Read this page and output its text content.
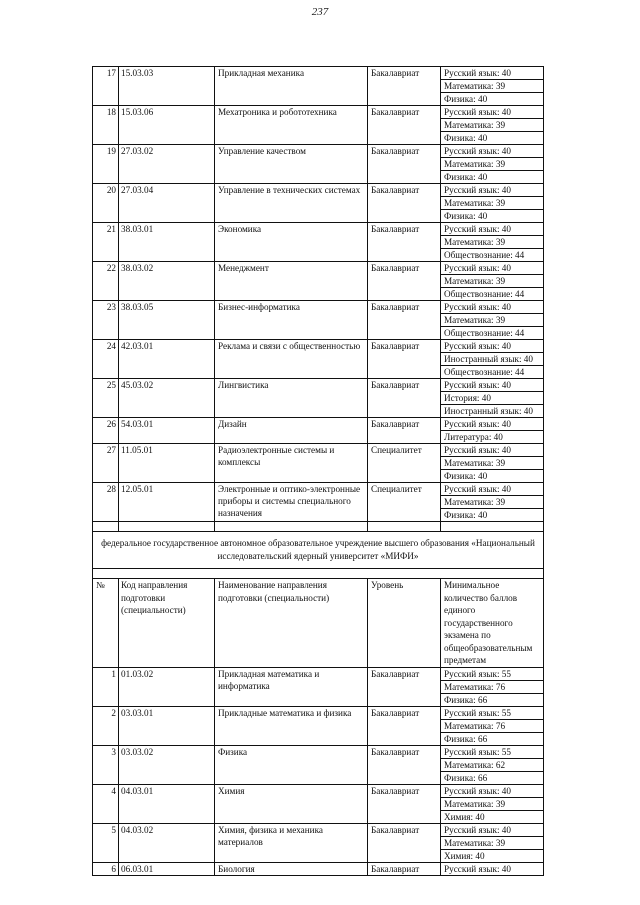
237
17	15.03.03	Прикладная механика	Бакалавриат	Русский язык: 40
				Математика: 39
				Физика: 40
18	15.03.06	Мехатроника и робототехника	Бакалавриат	Русский язык: 40
				Математика: 39
				Физика: 40
19	27.03.02	Управление качеством	Бакалавриат	Русский язык: 40
				Математика: 39
				Физика: 40
20	27.03.04	Управление в технических системах	Бакалавриат	Русский язык: 40
				Математика: 39
				Физика: 40
21	38.03.01	Экономика	Бакалавриат	Русский язык: 40
				Математика: 39
				Обществознание: 44
22	38.03.02	Менеджмент	Бакалавриат	Русский язык: 40
				Математика: 39
				Обществознание: 44
23	38.03.05	Бизнес-информатика	Бакалавриат	Русский язык: 40
				Математика: 39
				Обществознание: 44
24	42.03.01	Реклама и связи с общественностью	Бакалавриат	Русский язык: 40
				Иностранный язык: 40
				Обществознание: 44
25	45.03.02	Лингвистика	Бакалавриат	Русский язык: 40
				История: 40
				Иностранный язык: 40
26	54.03.01	Дизайн	Бакалавриат	Русский язык: 40
				Литература: 40
27	11.05.01	Радиоэлектронные системы и комплексы	Специалитет	Русский язык: 40
				Математика: 39
				Физика: 40
28	12.05.01	Электронные и оптико-электронные приборы и системы специального назначения	Специалитет	Русский язык: 40
				Математика: 39
				Физика: 40

федеральное государственное автономное образовательное учреждение высшего образования «Национальный исследовательский ядерный университет «МИФИ»				

№	Код направления подготовки (специальности)	Наименование направления подготовки (специальности)	Уровень	Минимальное количество баллов единого государственного экзамена по общеобразовательным предметам
1	01.03.02	Прикладная математика и информатика	Бакалавриат	Русский язык: 55
				Математика: 76
				Физика: 66
2	03.03.01	Прикладные математика и физика	Бакалавриат	Русский язык: 55
				Математика: 76
				Физика: 66
3	03.03.02	Физика	Бакалавриат	Русский язык: 55
				Математика: 62
				Физика: 66
4	04.03.01	Химия	Бакалавриат	Русский язык: 40
				Математика: 39
				Химия: 40
5	04.03.02	Химия, физика и механика материалов	Бакалавриат	Русский язык: 40
				Математика: 39
				Химия: 40
6	06.03.01	Биология	Бакалавриат	Русский язык: 40
